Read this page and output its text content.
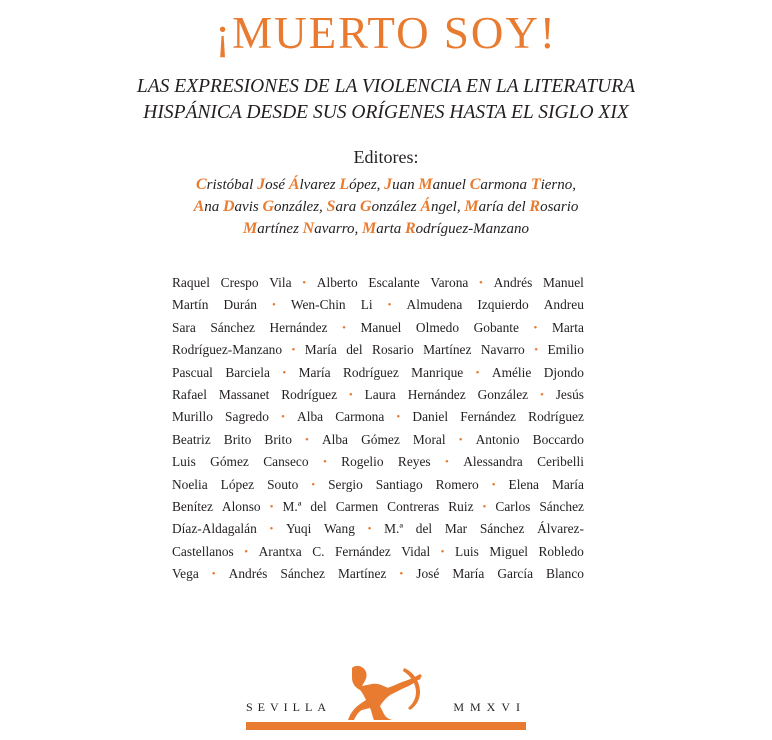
¡MUERTO SOY!
LAS EXPRESIONES DE LA VIOLENCIA EN LA LITERATURA
HISPÁNICA DESDE SUS ORÍGENES HASTA EL SIGLO XIX
Editores:
Cristóbal José Álvarez López, Juan Manuel Carmona Tierno,
Ana Davis González, Sara González Ángel, María del Rosario
Martínez Navarro, Marta Rodríguez-Manzano
Raquel Crespo Vila • Alberto Escalante Varona • Andrés Manuel
Martín Durán • Wen-Chin Li • Almudena Izquierdo Andreu
Sara Sánchez Hernández • Manuel Olmedo Gobante • Marta
Rodríguez-Manzano • María del Rosario Martínez Navarro • Emilio
Pascual Barciela • María Rodríguez Manrique • Amélie Djondo
Rafael Massanet Rodríguez • Laura Hernández González • Jesús
Murillo Sagredo • Alba Carmona • Daniel Fernández Rodríguez
Beatriz Brito Brito • Alba Gómez Moral • Antonio Boccardo
Luis Gómez Canseco • Rogelio Reyes • Alessandra Ceribelli
Noelia López Souto • Sergio Santiago Romero • Elena María
Benítez Alonso • M.ª del Carmen Contreras Ruiz • Carlos Sánchez
Díaz-Aldagalán • Yuqi Wang • M.ª del Mar Sánchez Álvarez-
Castellanos • Arantxa C. Fernández Vidal • Luis Miguel Robledo
Vega • Andrés Sánchez Martínez • José María García Blanco
SEVILLA	MMXVI
